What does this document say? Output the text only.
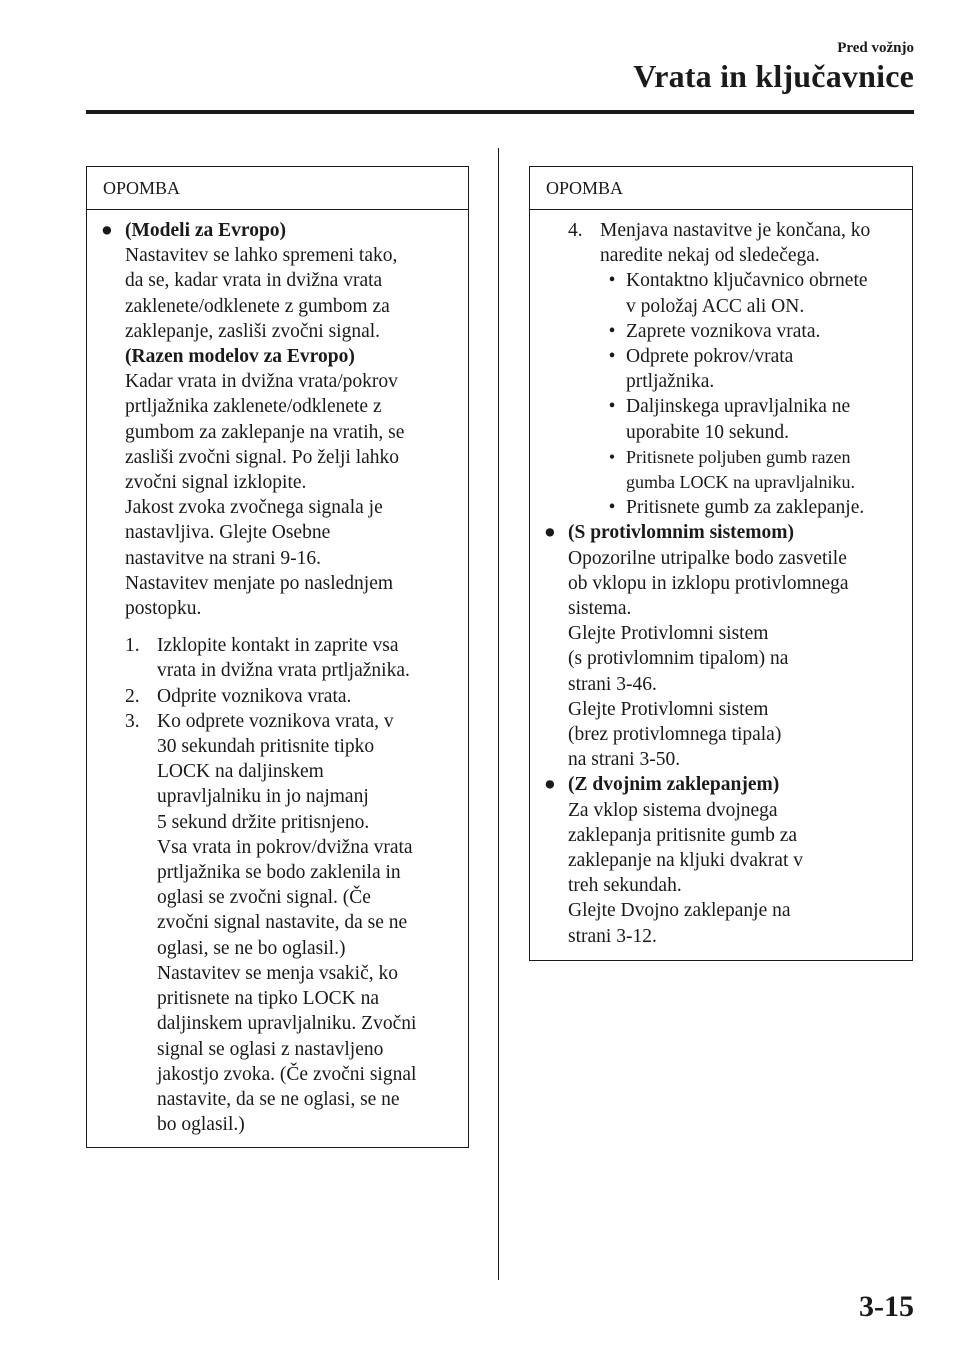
Pred vožnjo
Vrata in ključavnice
OPOMBA
● (Modeli za Evropo)
Nastavitev se lahko spremeni tako,
da se, kadar vrata in dvižna vrata
zaklenete/odklenete z gumbom za
zaklepanje, zasliši zvočni signal.
(Razen modelov za Evropo)
Kadar vrata in dvižna vrata/pokrov
prtljažnika zaklenete/odklenete z
gumbom za zaklepanje na vratih, se
zasliši zvočni signal. Po želji lahko
zvočni signal izklopite.
Jakost zvoka zvočnega signala je
nastavljiva. Glejte Osebne
nastavitve na strani 9-16.
Nastavitev menjate po naslednjem
postopku.
1. Izklopite kontakt in zaprite vsa
vrata in dvižna vrata prtljažnika.
2. Odprite voznikova vrata.
3. Ko odprete voznikova vrata, v
30 sekundah pritisnite tipko
LOCK na daljinskem
upravljalniku in jo najmanj
5 sekund držite pritisnjeno.
Vsa vrata in pokrov/dvižna vrata
prtljažnika se bodo zaklenila in
oglasi se zvočni signal. (Če
zvočni signal nastavite, da se ne
oglasi, se ne bo oglasil.)
Nastavitev se menja vsakič, ko
pritisnete na tipko LOCK na
daljinskem upravljalniku. Zvočni
signal se oglasi z nastavljeno
jakostjo zvoka. (Če zvočni signal
nastavite, da se ne oglasi, se ne
bo oglasil.)
OPOMBA
4. Menjava nastavitve je končana, ko
naredite nekaj od sledečega.
• Kontaktno ključavnico obrnete
v položaj ACC ali ON.
• Zaprete voznikova vrata.
• Odprete pokrov/vrata
prtljažnika.
• Daljinskega upravljalnika ne
uporabite 10 sekund.
• Pritisnete poljuben gumb razen
gumba LOCK na upravljalniku.
• Pritisnete gumb za zaklepanje.
● (S protivlomnim sistemom)
Opozorilne utripalke bodo zasvetile
ob vklopu in izklopu protivlomnega
sistema.
Glejte Protivlomni sistem
(s protivlomnim tipalom) na
strani 3-46.
Glejte Protivlomni sistem
(brez protivlomnega tipala)
na strani 3-50.
● (Z dvojnim zaklepanjem)
Za vklop sistema dvojnega
zaklepanja pritisnite gumb za
zaklepanje na kljuki dvakrat v
treh sekundah.
Glejte Dvojno zaklepanje na
strani 3-12.
3-15
